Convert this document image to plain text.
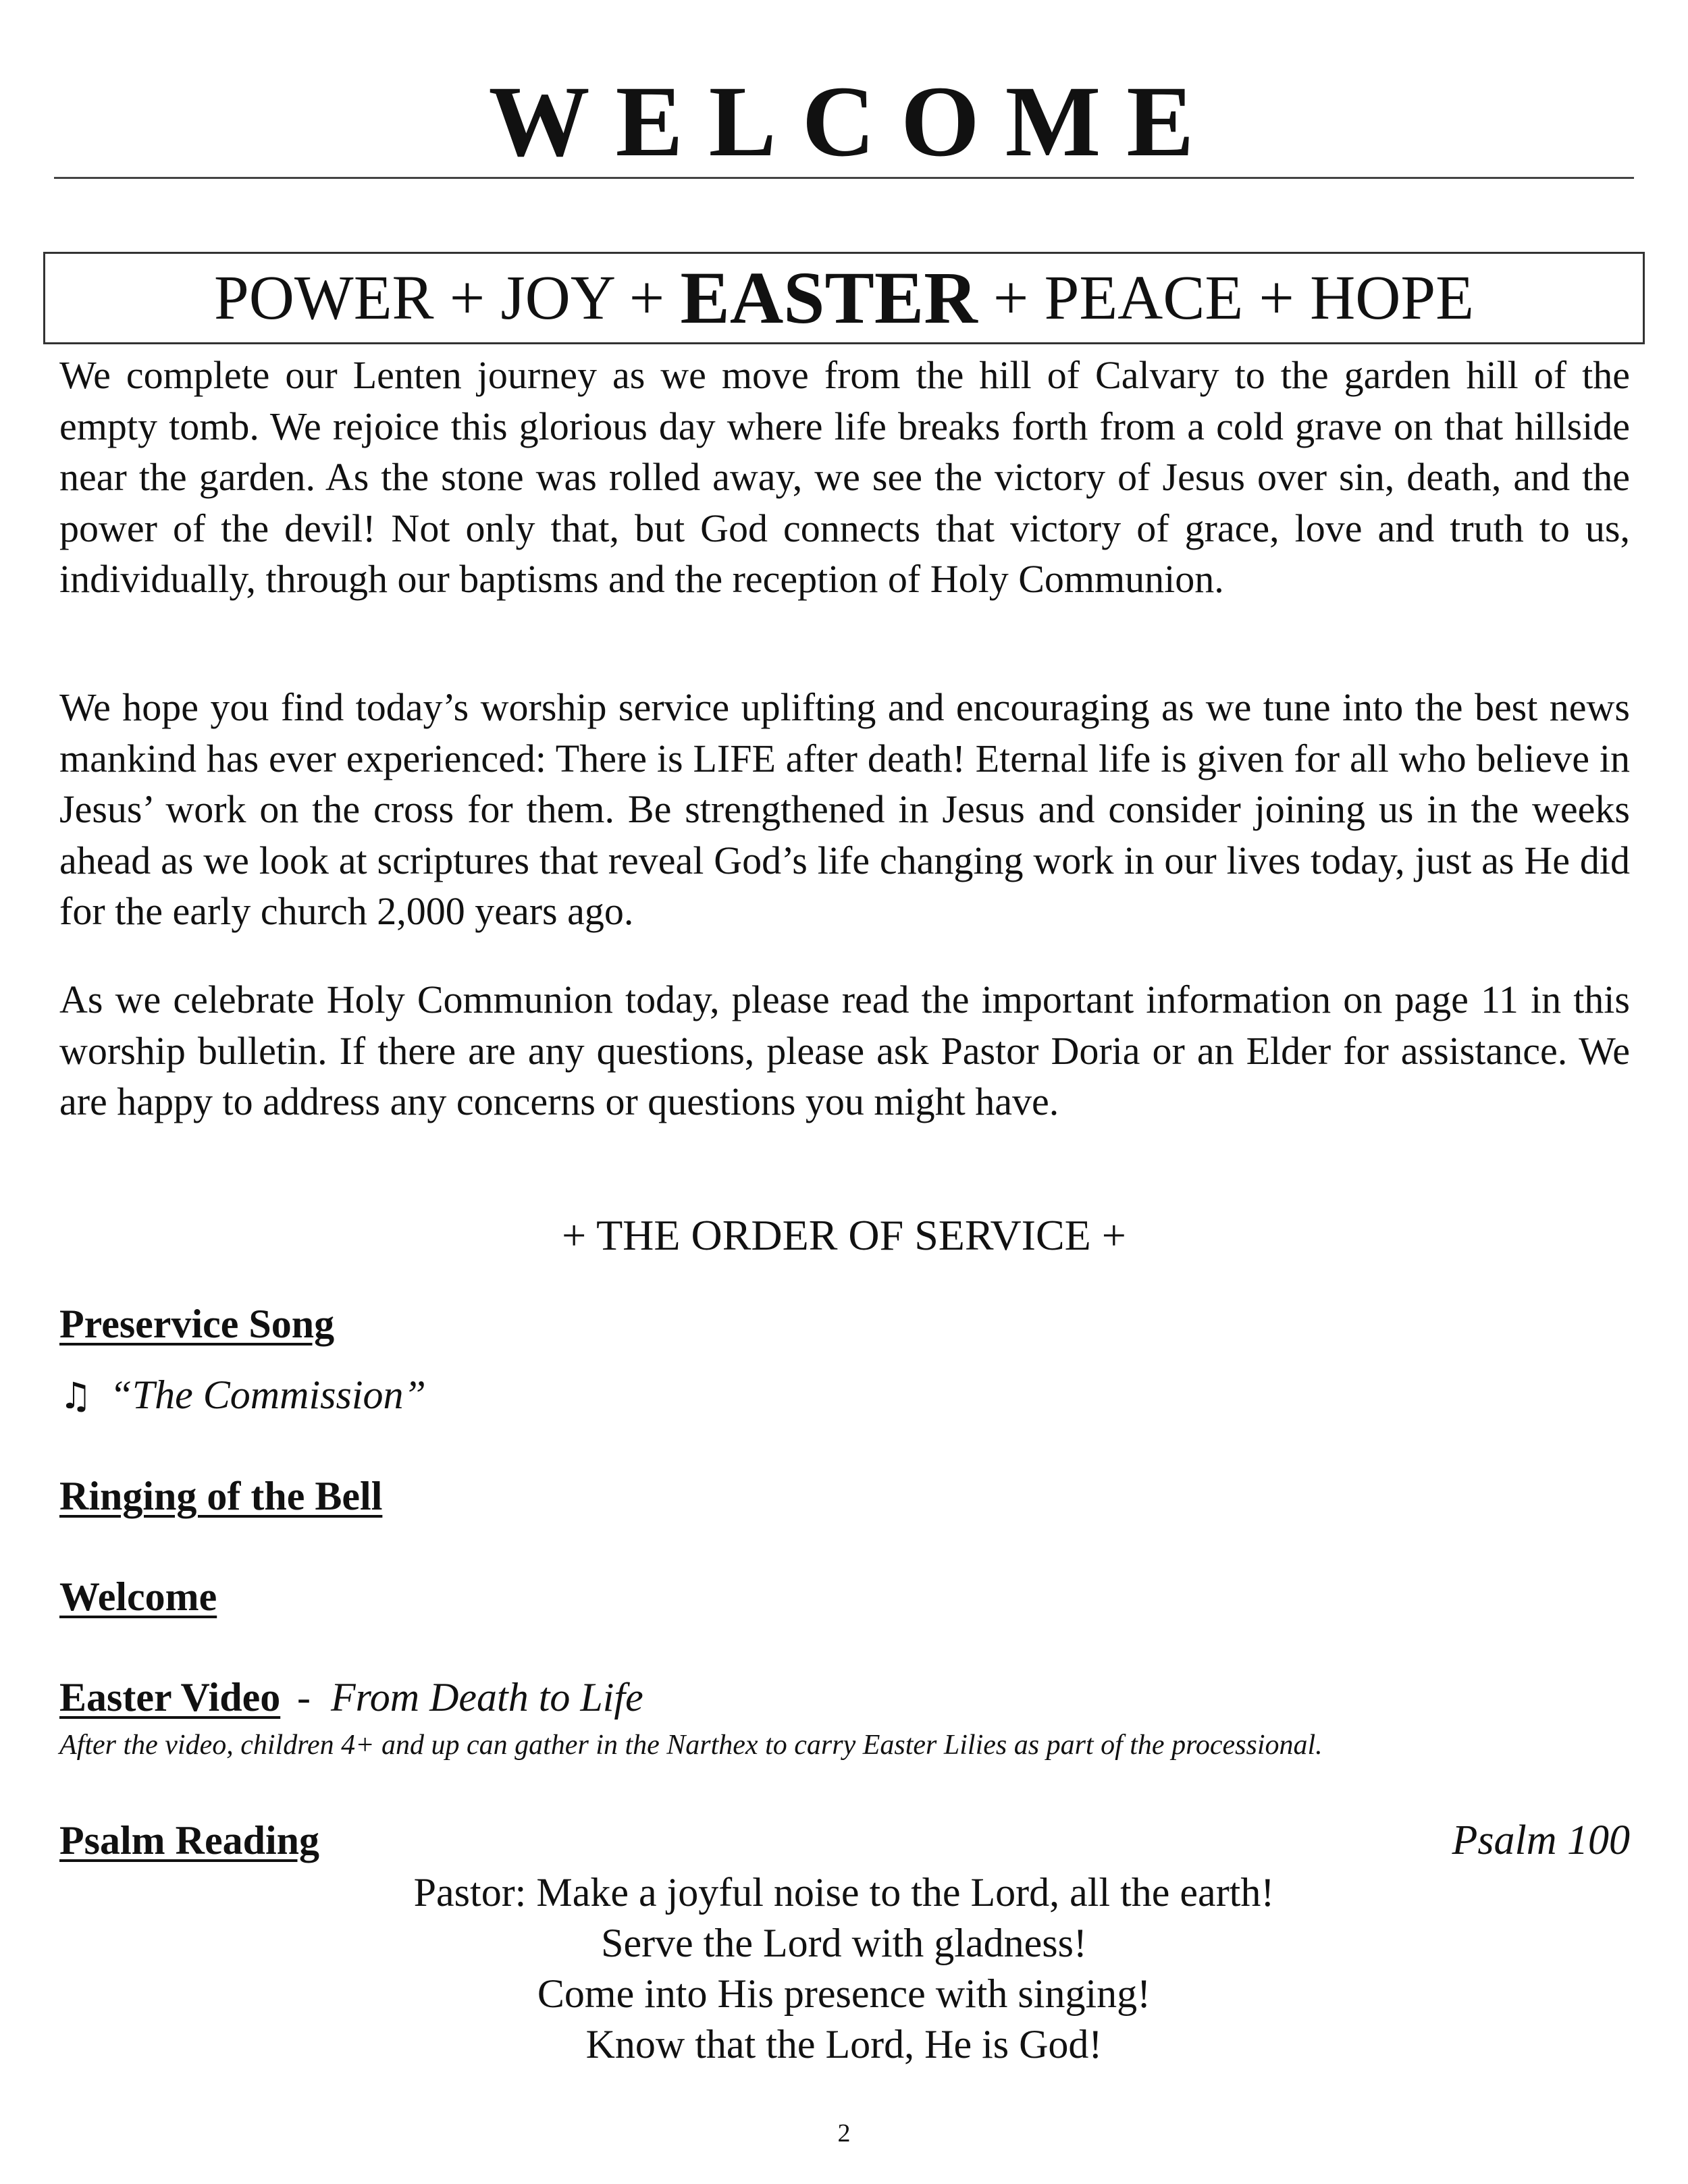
WELCOME
POWER + JOY + EASTER + PEACE + HOPE

We complete our Lenten journey as we move from the hill of Calvary to the garden hill of the empty tomb. We rejoice this glorious day where life breaks forth from a cold grave on that hillside near the garden. As the stone was rolled away, we see the victory of Jesus over sin, death, and the power of the devil! Not only that, but God connects that victory of grace, love and truth to us, individually, through our baptisms and the reception of Holy Communion.

We hope you find today’s worship service uplifting and encouraging as we tune into the best news mankind has ever experienced: There is LIFE after death! Eternal life is given for all who believe in Jesus’ work on the cross for them. Be strengthened in Jesus and consider joining us in the weeks ahead as we look at scriptures that reveal God’s life changing work in our lives today, just as He did for the early church 2,000 years ago.

As we celebrate Holy Communion today, please read the important information on page 11 in this worship bulletin. If there are any questions, please ask Pastor Doria or an Elder for assistance. We are happy to address any concerns or questions you might have.

+ THE ORDER OF SERVICE +
Preservice Song
♫ “The Commission”
Ringing of the Bell
Welcome
Easter Video - From Death to Life
After the video, children 4+ and up can gather in the Narthex to carry Easter Lilies as part of the processional.
Psalm Reading	Psalm 100
Pastor: Make a joyful noise to the Lord, all the earth!
Serve the Lord with gladness!
Come into His presence with singing!
Know that the Lord, He is God!
2
